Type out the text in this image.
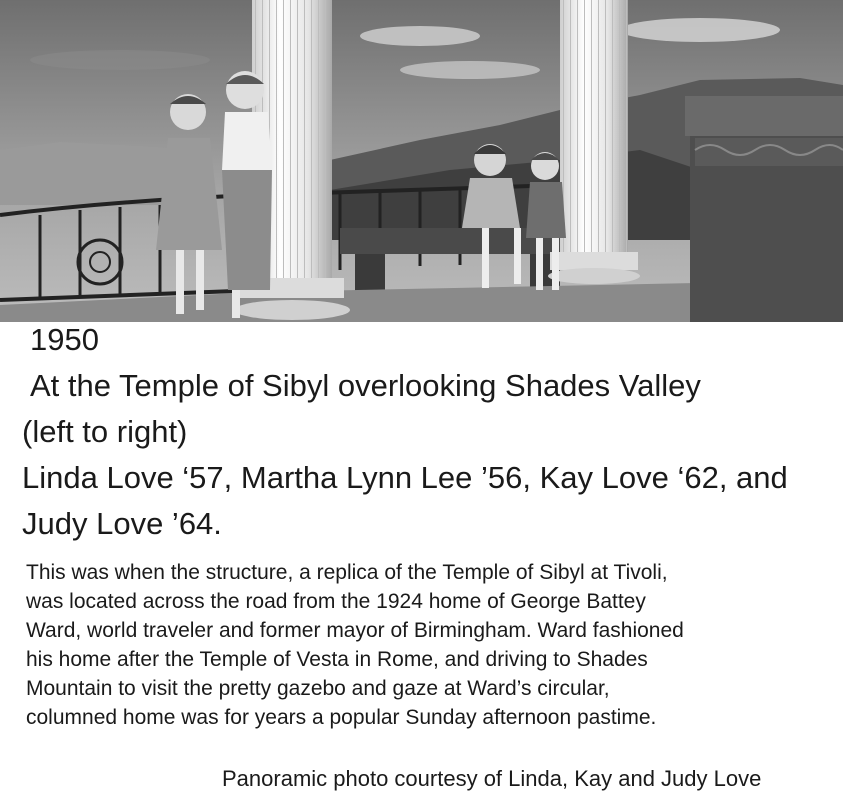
1950
At the Temple of Sibyl overlooking Shades Valley
(left to right)
Linda Love ‘57, Martha Lynn Lee ’56, Kay Love ‘62, and
Judy Love ’64.
This was when the structure, a replica of the Temple of Sibyl at Tivoli,
was located across the road from the 1924 home of George Battey
Ward, world traveler and former mayor of Birmingham. Ward fashioned
his home after the Temple of Vesta in Rome, and driving to Shades
Mountain to visit the pretty gazebo and gaze at Ward’s circular,
columned home was for years a popular Sunday afternoon pastime.
Panoramic photo courtesy of Linda, Kay and Judy Love
